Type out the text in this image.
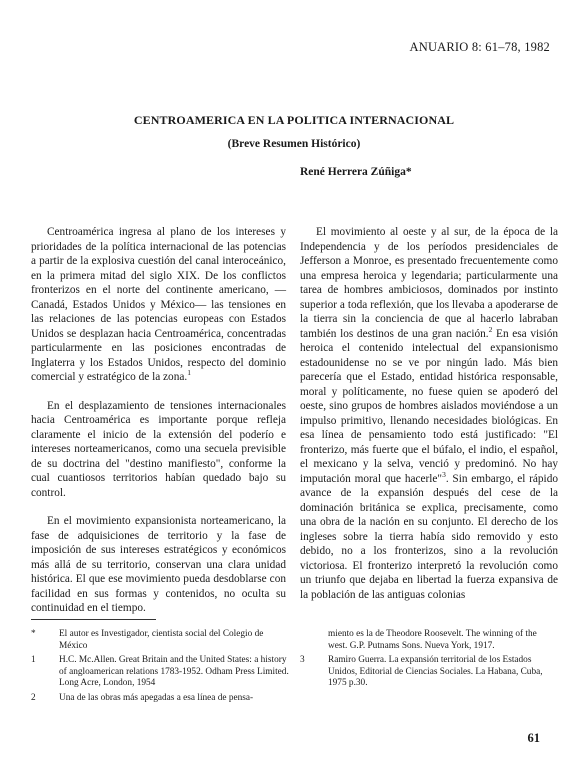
ANUARIO 8: 61–78, 1982
CENTROAMERICA EN LA POLITICA INTERNACIONAL
(Breve Resumen Histórico)
René Herrera Zúñiga*

Centroamérica ingresa al plano de los intereses y prioridades de la política internacional de las potencias a partir de la explosiva cuestión del canal interoceánico, en la primera mitad del siglo XIX. De los conflictos fronterizos en el norte del continente americano, —Canadá, Estados Unidos y México— las tensiones en las relaciones de las potencias europeas con Estados Unidos se desplazan hacia Centroamérica, concentradas particularmente en las posiciones encontradas de Inglaterra y los Estados Unidos, respecto del dominio comercial y estratégico de la zona.$^1$

En el desplazamiento de tensiones internacionales hacia Centroamérica es importante porque refleja claramente el inicio de la extensión del poderío e intereses norteamericanos, como una secuela previsible de su doctrina del "destino manifiesto", conforme la cual cuantiosos territorios habían quedado bajo su control.

En el movimiento expansionista norteamericano, la fase de adquisiciones de territorio y la fase de imposición de sus intereses estratégicos y económicos más allá de su territorio, conservan una clara unidad histórica. El que ese movimiento pueda desdoblarse con facilidad en sus formas y contenidos, no oculta su continuidad en el tiempo.

El movimiento al oeste y al sur, de la época de la Independencia y de los períodos presidenciales de Jefferson a Monroe, es presentado frecuentemente como una empresa heroica y legendaria; particularmente una tarea de hombres ambiciosos, dominados por instinto superior a toda reflexión, que los llevaba a apoderarse de la tierra sin la conciencia de que al hacerlo labraban también los destinos de una gran nación.$^2$ En esa visión heroica el contenido intelectual del expansionismo estadounidense no se ve por ningún lado. Más bien parecería que el Estado, entidad histórica responsable, moral y políticamente, no fuese quien se apoderó del oeste, sino grupos de hombres aislados moviéndose a un impulso primitivo, llenando necesidades biológicas. En esa línea de pensamiento todo está justificado: "El fronterizo, más fuerte que el búfalo, el indio, el español, el mexicano y la selva, venció y predominó. No hay imputación moral que hacerle"$^3$. Sin embargo, el rápido avance de la expansión después del cese de la dominación británica se explica, precisamente, como una obra de la nación en su conjunto. El derecho de los ingleses sobre la tierra había sido removido y esto debido, no a los fronterizos, sino a la revolución victoriosa. El fronterizo interpretó la revolución como un triunfo que dejaba en libertad la fuerza expansiva de la población de las antiguas colonias

*	El autor es Investigador, cientista social del Colegio de México
1	H.C. Mc.Allen. Great Britain and the United States: a history of angloamerican relations 1783-1952. Odham Press Limited. Long Acre, London, 1954
2	Una de las obras más apegadas a esa línea de pensa-
miento es la de Theodore Roosevelt. The winning of the west. G.P. Putnams Sons. Nueva York, 1917.
3	Ramiro Guerra. La expansión territorial de los Estados Unidos, Editorial de Ciencias Sociales. La Habana, Cuba, 1975 p.30.
61
